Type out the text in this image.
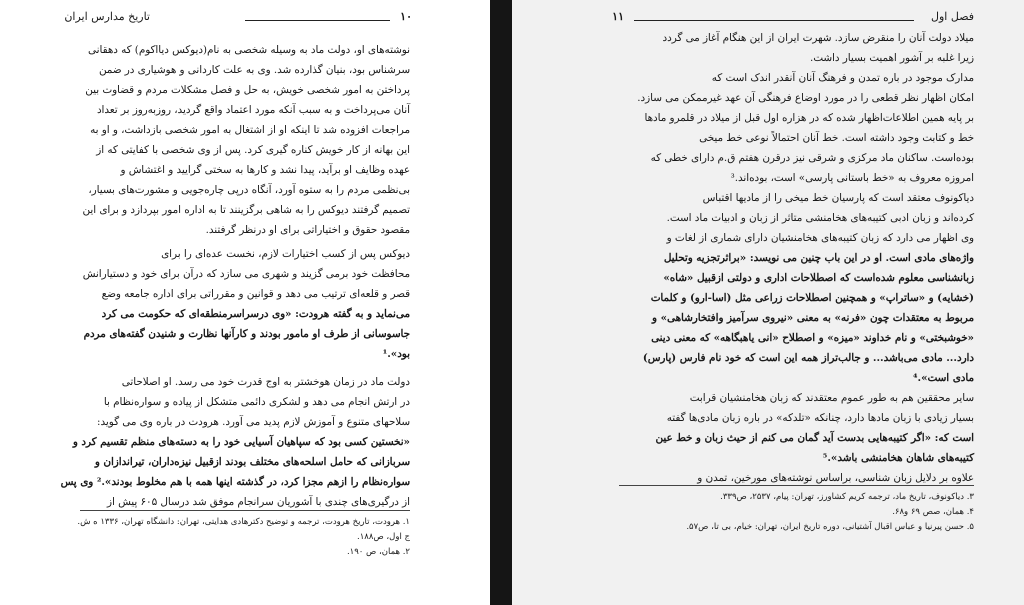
تاریخ مدارس ایران	۱۰
نوشته‌های او، دولت ماد به وسیله شخصی به نام(دیوکس دیااکوم) که دهقانی
سرشناس بود، بنیان گذارده شد. وی به علت کاردانی و هوشیاری در ضمن
پرداختن به امور شخصی خویش، به حل و فصل مشکلات مردم و قضاوت بین
آنان می‌پرداخت و به سبب آنکه مورد اعتماد واقع گردید، روزبه‌روز بر تعداد
مراجعات افزوده شد تا اینکه او از اشتغال به امور شخصی بازداشت، و او به
این بهانه از کار خویش کناره گیری کرد. پس از وی شخصی با کفایتی که از
عهده وظایف او برآید، پیدا نشد و کارها به سختی گرایید و اغتشاش و
بی‌نظمی مردم را به ستوه آورد، آنگاه درپی چاره‌جویی و مشورت‌های بسیار،
تصمیم گرفتند دیوکس را به شاهی برگزینند تا به اداره امور بپردازد و برای این
مقصود حقوق و اختیاراتی برای او درنظر گرفتند.
دیوکس پس از کسب اختیارات لازم، نخست عده‌ای را برای
محافظت خود برمی گزیند و شهری می سازد که درآن برای خود و دستیارانش
قصر و قلعه‌ای ترتیب می دهد و قوانین و مقرراتی برای اداره جامعه وضع
می‌نماید و به گفته هرودت: «وی درسراسرمنطقه‌ای که حکومت می کرد
جاسوسانی از طرف او مامور بودند و کارآنها نظارت و شنیدن گفته‌های مردم
بود».¹
دولت ماد در زمان هوخشتر به اوج قدرت خود می رسد. او اصلاحاتی
در ارتش انجام می دهد و لشکری دائمی متشکل از پیاده و سواره‌نظام با
سلاحهای متنوع و آموزش لازم پدید می آورد. هرودت در باره وی می گوید:
«نخستین کسی بود که سپاهیان آسیایی خود را به دسته‌های منظم تقسیم کرد و
سربازانی که حامل اسلحه‌های مختلف بودند ازقبیل نیزه‌داران، تیراندازان و
سواره‌نظام را ازهم مجزا کرد، در گذشته اینها همه با هم مخلوط بودند».² وی پس
از درگیری‌های چندی با آشوریان سرانجام موفق شد درسال ۶۰۵ پیش از
۱. هرودت، تاریخ هرودت، ترجمه و توضیح دکترهادی هدایتی، تهران: دانشگاه تهران، ۱۳۳۶ ه ش.
ج اول، ص۱۸۸.
۲. همان، ص ۱۹۰.
فصل اول
۱۱
میلاد دولت آنان را منقرض سازد. شهرت ایران از این هنگام آغاز می گردد
زیرا غلبه بر آشور اهمیت بسیار داشت.
مدارک موجود در باره تمدن و فرهنگ آنان آنقدر اندک است که
امکان اظهار نظر قطعی را در مورد اوضاع فرهنگی آن عهد غیرممکن می سازد.
بر پایه همین اطلاعات‌اظهار شده که در هزاره اول قبل از میلاد در قلمرو مادها
خط و کتابت وجود داشته است. خط آنان احتمالاً نوعی خط میخی
بوده‌است. ساکنان ماد مرکزی و شرقی نیز درقرن هفتم ق.م دارای خطی که
امروزه معروف به «خط باستانی پارسی» است، بوده‌اند.³
دیاکونوف معتقد است که پارسیان خط میخی را از مادیها اقتباس
کرده‌اند و زبان ادبی کتیبه‌های هخامنشی متاثر از زبان و ادبیات ماد است.
وی اظهار می دارد که زبان کتیبه‌های هخامنشیان دارای شماری از لغات و
واژه‌های مادی است. او در این باب چنین می نویسد: «براثرتجزیه وتحلیل
زبانشناسی معلوم شده‌است که اصطلاحات اداری و دولتی ازقبیل «شاه»
(خشایه) و «ساتراپ» و همچنین اصطلاحات زراعی مثل (اسا-ارو) و کلمات
مربوط به معتقدات چون «فرنه» به معنی «نیروی سرآمیز وافتخارشاهی» و
«خوشبختی» و نام خداوند «میزه» و اصطلاح «انی یاهبگاهه» که معنی دینی
دارد... مادی می‌باشد... و جالب‌تراز همه این است که خود نام فارس (پارس)
مادی است».⁴
سایر محققین هم به طور عموم معتقدند که زبان هخامنشیان قرابت
بسیار زیادی با زبان مادها دارد، چنانکه «تلدکه» در باره زبان مادی‌ها گفته
است که: «اگر کتیبه‌هایی بدست آید گمان می کنم از حیث زبان و خط عین
کتیبه‌های شاهان هخامنشی باشد».⁵
علاوه بر دلایل زبان شناسی، براساس نوشته‌های مورخین، تمدن و
۳. دیاکونوف، تاریخ ماد، ترجمه کریم کشاورز، تهران: پیام، ۲۵۳۷، ص۳۳۹.
۴. همان، صص ۶۹ و۶۸.
۵. حسن پیرنیا و عباس اقبال آشتیانی، دوره تاریخ ایران، تهران: خیام، بی تا، ص۵۷.
